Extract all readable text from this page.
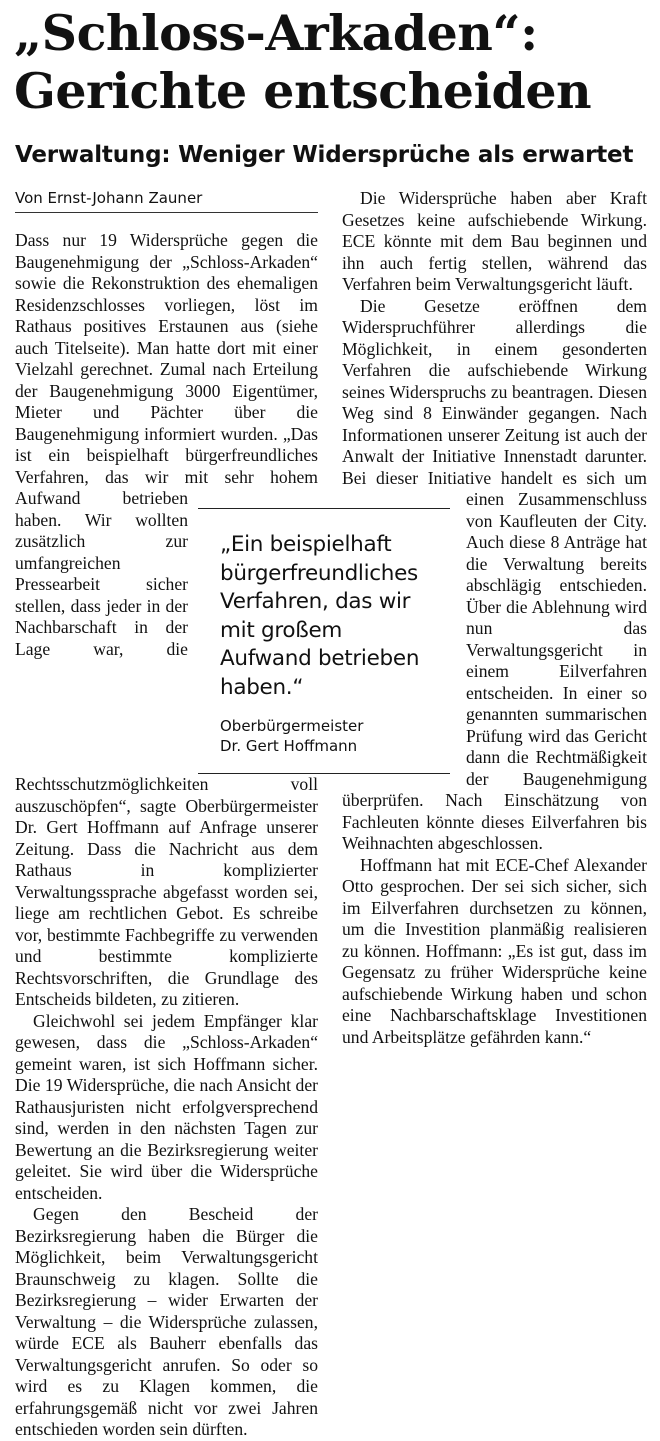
„Schloss-Arkaden“: Gerichte entscheiden
Verwaltung: Weniger Widersprüche als erwartet
Von Ernst-Johann Zauner

Dass nur 19 Widersprüche gegen die Baugenehmigung der „Schloss-Arkaden“ sowie die Rekonstruktion des ehemaligen Residenzschlosses vorliegen, löst im Rathaus positives Erstaunen aus (siehe auch Titelseite). Man hatte dort mit einer Vielzahl gerechnet. Zumal nach Erteilung der Baugenehmigung 3000 Eigentümer, Mieter und Pächter über die Baugenehmigung informiert wurden. „Das ist ein beispielhaft bürgerfreundliches Verfahren, das wir mit sehr hohem Aufwand betrieben haben. Wir wollten zusätzlich zur umfangreichen Pressearbeit sicher stellen, dass jeder in der Nachbarschaft in der Lage war, die Rechtsschutzmöglichkeiten voll auszuschöpfen“, sagte Oberbürgermeister Dr. Gert Hoffmann auf Anfrage unserer Zeitung. Dass die Nachricht aus dem Rathaus in komplizierter Verwaltungssprache abgefasst worden sei, liege am rechtlichen Gebot. Es schreibe vor, bestimmte Fachbegriffe zu verwenden und bestimmte komplizierte Rechtsvorschriften, die Grundlage des Entscheids bildeten, zu zitieren.

Gleichwohl sei jedem Empfänger klar gewesen, dass die „Schloss-Arkaden“ gemeint waren, ist sich Hoffmann sicher. Die 19 Widersprüche, die nach Ansicht der Rathausjuristen nicht erfolgversprechend sind, werden in den nächsten Tagen zur Bewertung an die Bezirksregierung weiter geleitet. Sie wird über die Widersprüche entscheiden.

Gegen den Bescheid der Bezirksregierung haben die Bürger die Möglichkeit, beim Verwaltungsgericht Braunschweig zu klagen. Sollte die Bezirksregierung – wider Erwarten der Verwaltung – die Widersprüche zulassen, würde ECE als Bauherr ebenfalls das Verwaltungsgericht anrufen. So oder so wird es zu Klagen kommen, die erfahrungsgemäß nicht vor zwei Jahren entschieden worden sein dürften.

Die Widersprüche haben aber Kraft Gesetzes keine aufschiebende Wirkung. ECE könnte mit dem Bau beginnen und ihn auch fertig stellen, während das Verfahren beim Verwaltungsgericht läuft.

Die Gesetze eröffnen dem Widerspruchführer allerdings die Möglichkeit, in einem gesonderten Verfahren die aufschiebende Wirkung seines Widerspruchs zu beantragen. Diesen Weg sind 8 Einwänder gegangen. Nach Informationen unserer Zeitung ist auch der Anwalt der Initiative Innenstadt darunter. Bei dieser Initiative handelt es sich um einen Zusammenschluss von Kaufleuten der City. Auch diese 8 Anträge hat die Verwaltung bereits abschlägig entschieden. Über die Ablehnung wird nun das Verwaltungsgericht in einem Eilverfahren entscheiden. In einer so genannten summarischen Prüfung wird das Gericht dann die Rechtmäßigkeit der Baugenehmigung überprüfen. Nach Einschätzung von Fachleuten könnte dieses Eilverfahren bis Weihnachten abgeschlossen.

Hoffmann hat mit ECE-Chef Alexander Otto gesprochen. Der sei sich sicher, sich im Eilverfahren durchsetzen zu können, um die Investition planmäßig realisieren zu können. Hoffmann: „Es ist gut, dass im Gegensatz zu früher Widersprüche keine aufschiebende Wirkung haben und schon eine Nachbarschaftsklage Investitionen und Arbeitsplätze gefährden kann.“

„Ein beispielhaft bürgerfreundliches Verfahren, das wir mit großem Aufwand betrieben haben.“

Oberbürgermeister
Dr. Gert Hoffmann
